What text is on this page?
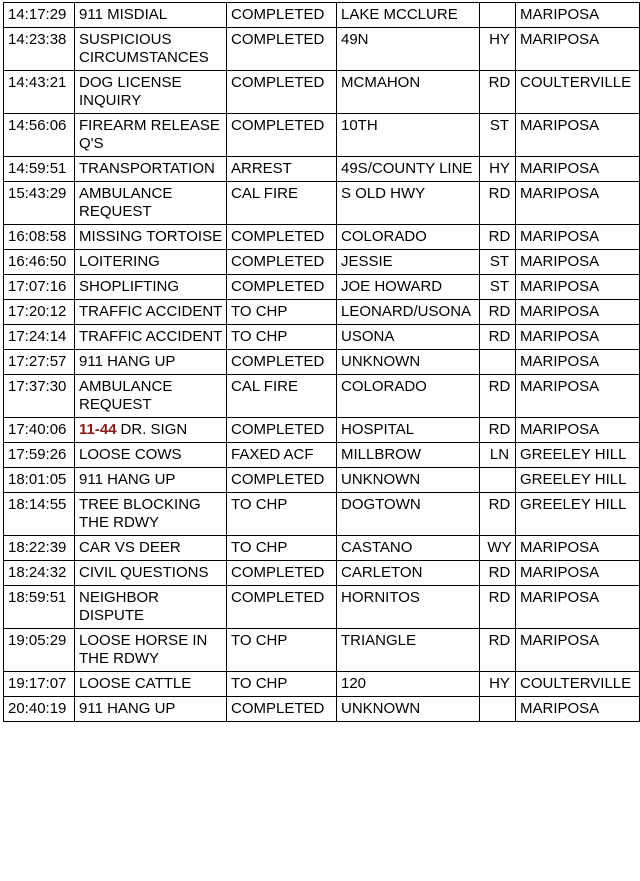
14:17:29	911 MISDIAL	COMPLETED	LAKE MCCLURE		MARIPOSA
14:23:38	SUSPICIOUS CIRCUMSTANCES	COMPLETED	49N	HY	MARIPOSA
14:43:21	DOG LICENSE INQUIRY	COMPLETED	MCMAHON	RD	COULTERVILLE
14:56:06	FIREARM RELEASE Q'S	COMPLETED	10TH	ST	MARIPOSA
14:59:51	TRANSPORTATION	ARREST	49S/COUNTY LINE	HY	MARIPOSA
15:43:29	AMBULANCE REQUEST	CAL FIRE	S OLD HWY	RD	MARIPOSA
16:08:58	MISSING TORTOISE	COMPLETED	COLORADO	RD	MARIPOSA
16:46:50	LOITERING	COMPLETED	JESSIE	ST	MARIPOSA
17:07:16	SHOPLIFTING	COMPLETED	JOE HOWARD	ST	MARIPOSA
17:20:12	TRAFFIC ACCIDENT	TO CHP	LEONARD/USONA	RD	MARIPOSA
17:24:14	TRAFFIC ACCIDENT	TO CHP	USONA	RD	MARIPOSA
17:27:57	911 HANG UP	COMPLETED	UNKNOWN		MARIPOSA
17:37:30	AMBULANCE REQUEST	CAL FIRE	COLORADO	RD	MARIPOSA
17:40:06	11-44 DR. SIGN	COMPLETED	HOSPITAL	RD	MARIPOSA
17:59:26	LOOSE COWS	FAXED ACF	MILLBROW	LN	GREELEY HILL
18:01:05	911 HANG UP	COMPLETED	UNKNOWN		GREELEY HILL
18:14:55	TREE BLOCKING THE RDWY	TO CHP	DOGTOWN	RD	GREELEY HILL
18:22:39	CAR VS DEER	TO CHP	CASTANO	WY	MARIPOSA
18:24:32	CIVIL QUESTIONS	COMPLETED	CARLETON	RD	MARIPOSA
18:59:51	NEIGHBOR DISPUTE	COMPLETED	HORNITOS	RD	MARIPOSA
19:05:29	LOOSE HORSE IN THE RDWY	TO CHP	TRIANGLE	RD	MARIPOSA
19:17:07	LOOSE CATTLE	TO CHP	120	HY	COULTERVILLE
20:40:19	911 HANG UP	COMPLETED	UNKNOWN		MARIPOSA
